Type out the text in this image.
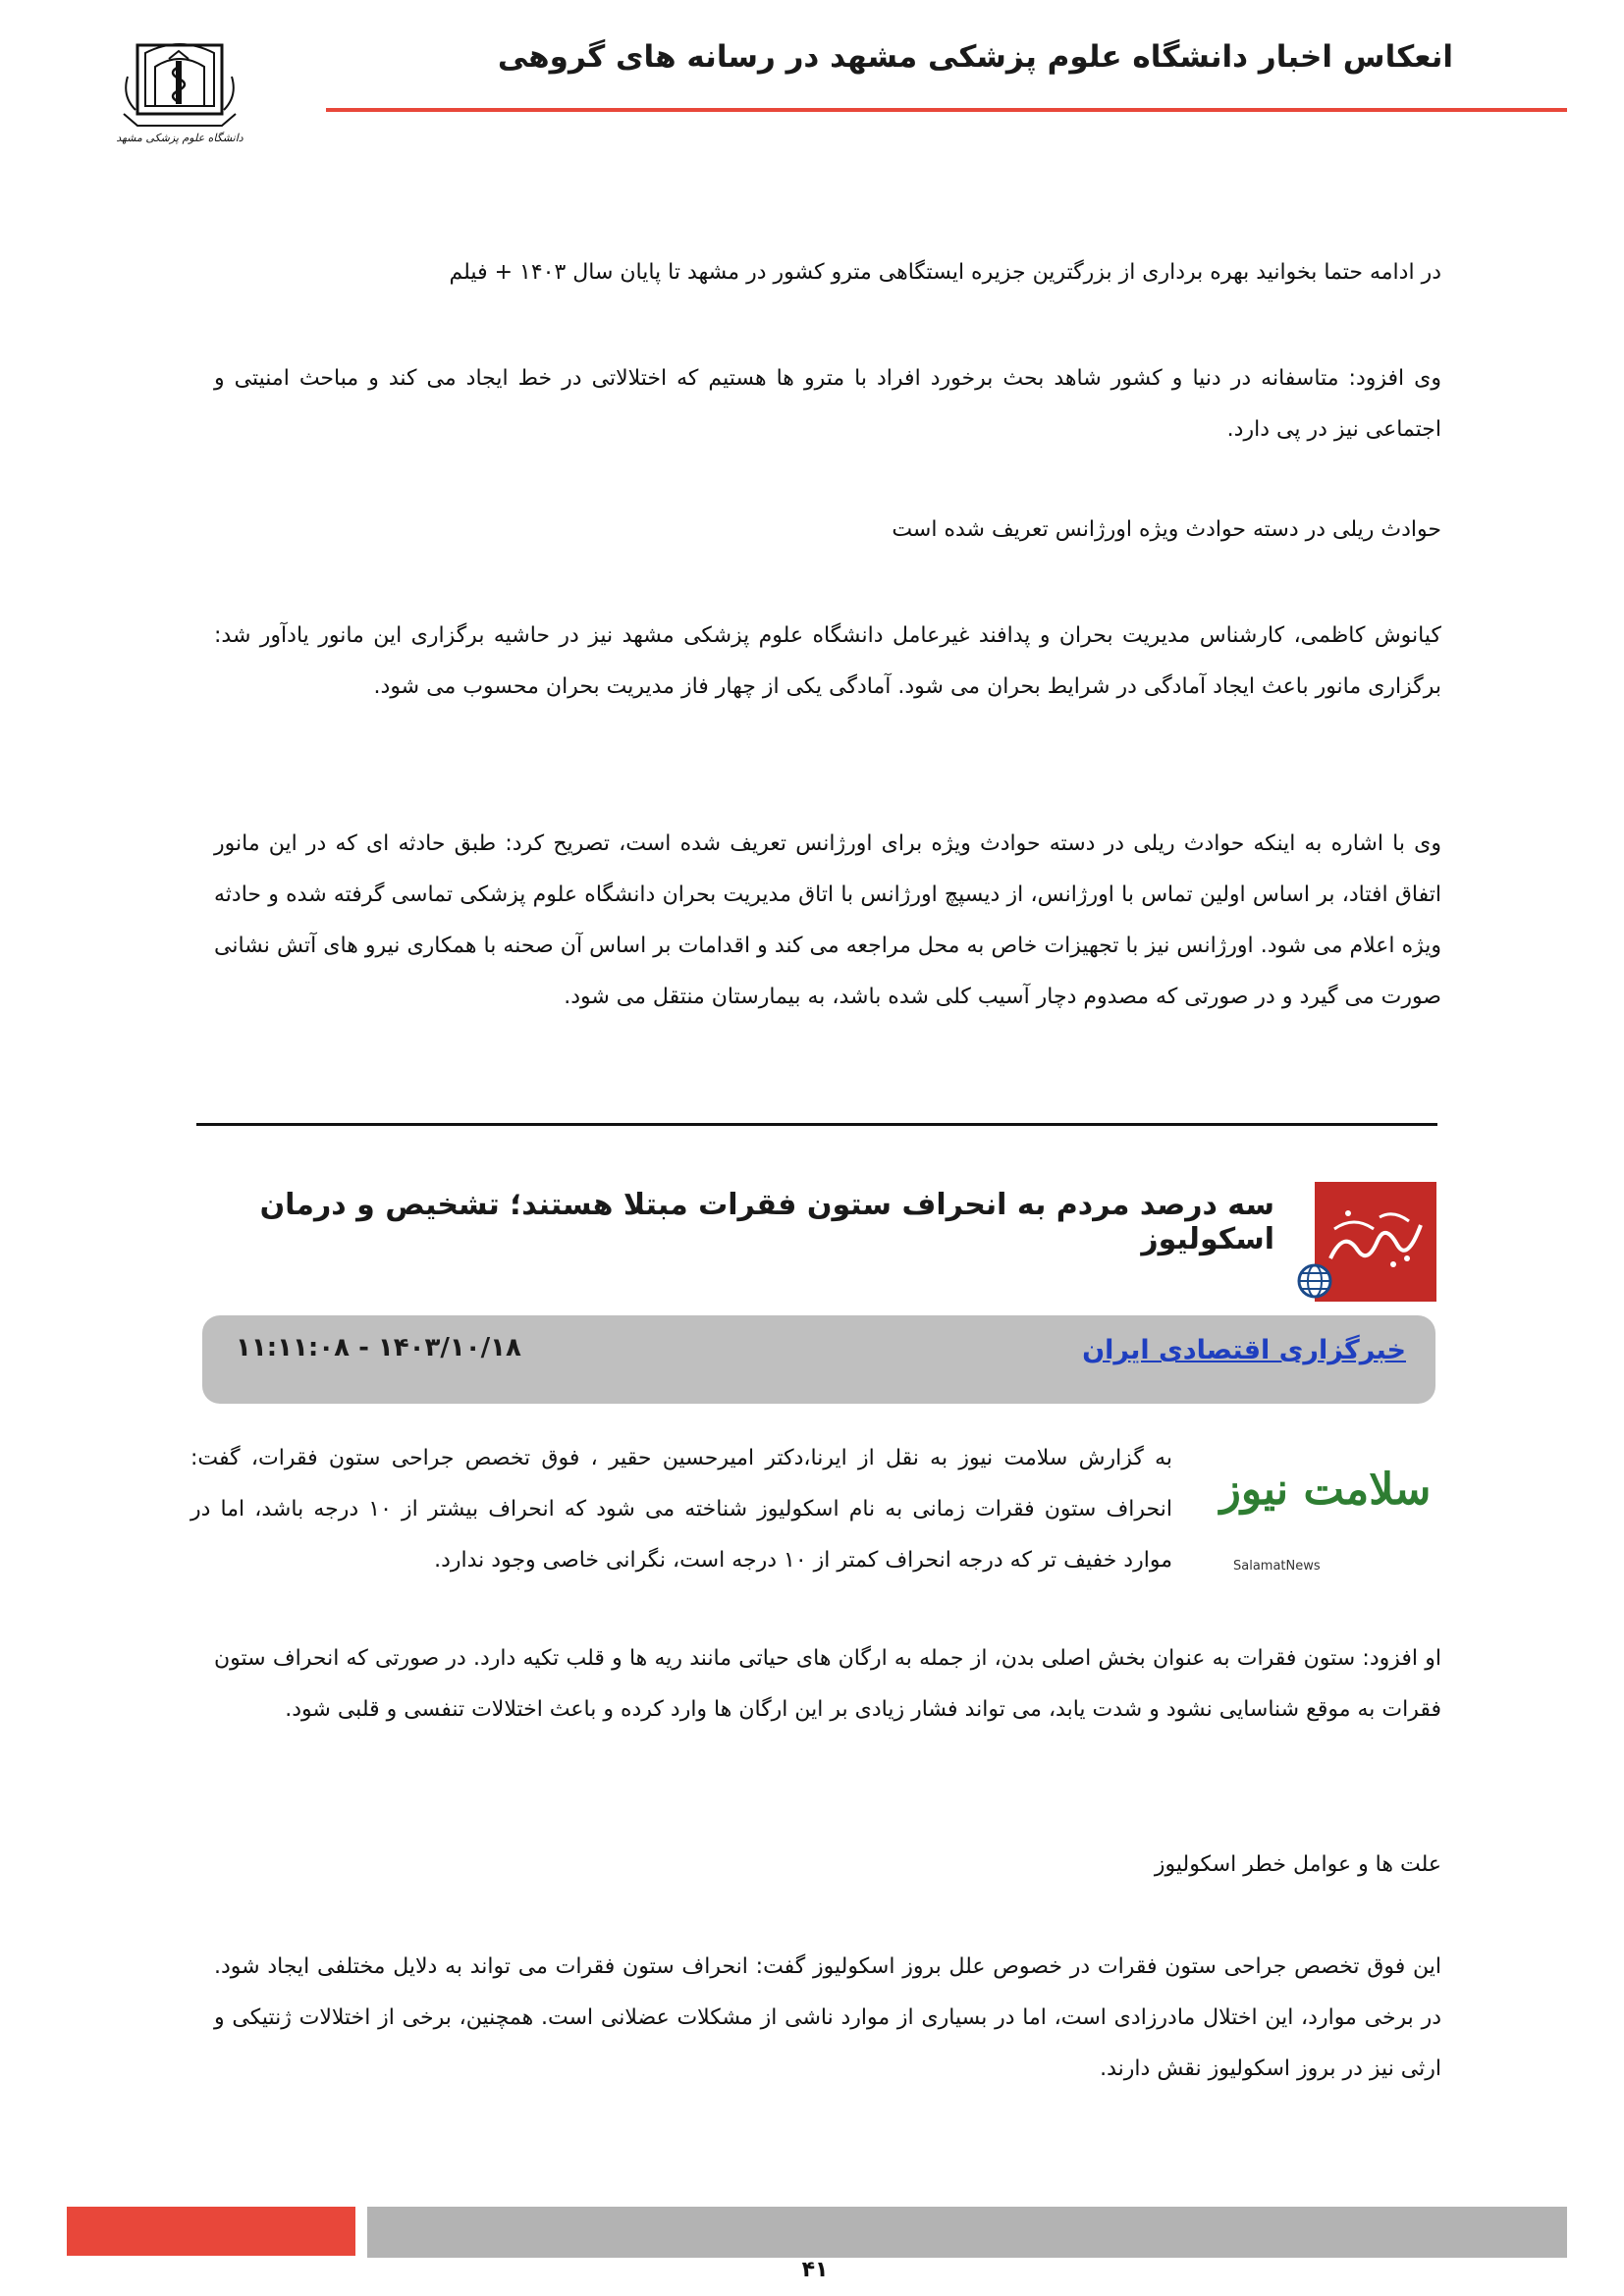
دانشگاه علوم پزشکی مشهد
انعکاس اخبار دانشگاه علوم پزشکی مشهد در رسانه های گروهی
در ادامه حتما بخوانید بهره برداری از بزرگترین جزیره ایستگاهی مترو کشور در مشهد تا پایان سال ۱۴۰۳ + فیلم
وی افزود: متاسفانه در دنیا و کشور شاهد بحث برخورد افراد با مترو ها هستیم که اختلالاتی در خط ایجاد می کند و مباحث امنیتی و اجتماعی نیز در پی دارد.
حوادث ریلی در دسته حوادث ویژه اورژانس تعریف شده است
کیانوش کاظمی، کارشناس مدیریت بحران و پدافند غیرعامل دانشگاه علوم پزشکی مشهد نیز در حاشیه برگزاری این مانور یادآور شد: برگزاری مانور باعث ایجاد آمادگی در شرایط بحران می شود. آمادگی یکی از چهار فاز مدیریت بحران محسوب می شود.
وی با اشاره به اینکه حوادث ریلی در دسته حوادث ویژه برای اورژانس تعریف شده است، تصریح کرد: طبق حادثه ای که در این مانور اتفاق افتاد، بر اساس اولین تماس با اورژانس، از دیسپچ اورژانس با اتاق مدیریت بحران دانشگاه علوم پزشکی تماسی گرفته شده و حادثه ویژه اعلام می شود. اورژانس نیز با تجهیزات خاص به محل مراجعه می کند و اقدامات بر اساس آن صحنه با همکاری نیرو های آتش نشانی صورت می گیرد و در صورتی که مصدوم دچار آسیب کلی شده باشد، به بیمارستان منتقل می شود.
سه درصد مردم به انحراف ستون فقرات مبتلا هستند؛ تشخیص و درمان اسکولیوز
خبرگزاری اقتصادی ایران
۱۴۰۳/۱۰/۱۸ - ۱۱:۱۱:۰۸
سلامت نیوز
SalamatNews
به گزارش سلامت نیوز به نقل از ایرنا،دکتر امیرحسین حقیر ، فوق تخصص جراحی ستون فقرات، گفت: انحراف ستون فقرات زمانی به نام اسکولیوز شناخته می شود که انحراف بیشتر از ۱۰ درجه باشد، اما در موارد خفیف تر که درجه انحراف کمتر از ۱۰ درجه است، نگرانی خاصی وجود ندارد.
او افزود: ستون فقرات به عنوان بخش اصلی بدن، از جمله به ارگان های حیاتی مانند ریه ها و قلب تکیه دارد. در صورتی که انحراف ستون فقرات به موقع شناسایی نشود و شدت یابد، می تواند فشار زیادی بر این ارگان ها وارد کرده و باعث اختلالات تنفسی و قلبی شود.
علت ها و عوامل خطر اسکولیوز
این فوق تخصص جراحی ستون فقرات در خصوص علل بروز اسکولیوز گفت: انحراف ستون فقرات می تواند به دلایل مختلفی ایجاد شود. در برخی موارد، این اختلال مادرزادی است، اما در بسیاری از موارد ناشی از مشکلات عضلانی است. همچنین، برخی از اختلالات ژنتیکی و ارثی نیز در بروز اسکولیوز نقش دارند.
۴۱
